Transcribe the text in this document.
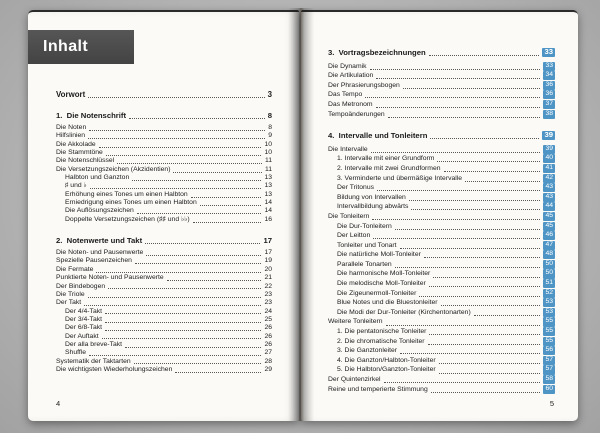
Inhalt
Vorwort	3
1.  Die Notenschrift	8
Die Noten	8
Hilfslinien	9
Die Akkolade	10
Die Stammtöne	10
Die Notenschlüssel	11
Die Versetzungszeichen (Akzidentien)	11
Halbton und Ganzton	13
♯ und ♭	13
Erhöhung eines Tones um einen Halbton	13
Erniedrigung eines Tones um einen Halbton	14
Die Auflösungszeichen	14
Doppelte Versetzungszeichen (♯♯ und ♭♭)	16
2.  Notenwerte und Takt	17
Die Noten- und Pausenwerte	17
Spezielle Pausenzeichen	19
Die Fermate	20
Punktierte Noten- und Pausenwerte	21
Der Bindebogen	22
Die Triole	23
Der Takt	23
Der 4/4-Takt	24
Der 3/4-Takt	25
Der 6/8-Takt	26
Der Auftakt	26
Der alla breve-Takt	26
Shuffle	27
Systematik der Taktarten	28
Die wichtigsten Wiederholungszeichen	29
4
3.  Vortragsbezeichnungen	33
Die Dynamik	33
Die Artikulation	34
Der Phrasierungsbogen	36
Das Tempo	36
Das Metronom	37
Tempoänderungen	38
4.  Intervalle und Tonleitern	39
Die Intervalle	39
1. Intervalle mit einer Grundform	40
2. Intervalle mit zwei Grundformen	41
3. Verminderte und übermäßige Intervalle	42
Der Tritonus	43
Bildung von Intervallen	43
Intervallbildung abwärts	44
Die Tonleitern	45
Die Dur-Tonleitern	45
Der Leitton	46
Tonleiter und Tonart	47
Die natürliche Moll-Tonleiter	48
Parallele Tonarten	50
Die harmonische Moll-Tonleiter	50
Die melodische Moll-Tonleiter	51
Die Zigeunermoll-Tonleiter	52
Blue Notes und die Bluestonleiter	53
Die Modi der Dur-Tonleiter (Kirchentonarten)	53
Weitere Tonleitern	55
1. Die pentatonische Tonleiter	55
2. Die chromatische Tonleiter	55
3. Die Ganztonleiter	56
4. Die Ganzton/Halbton-Tonleiter	57
5. Die Halbton/Ganzton-Tonleiter	57
Der Quintenzirkel	58
Reine und temperierte Stimmung	60
5
